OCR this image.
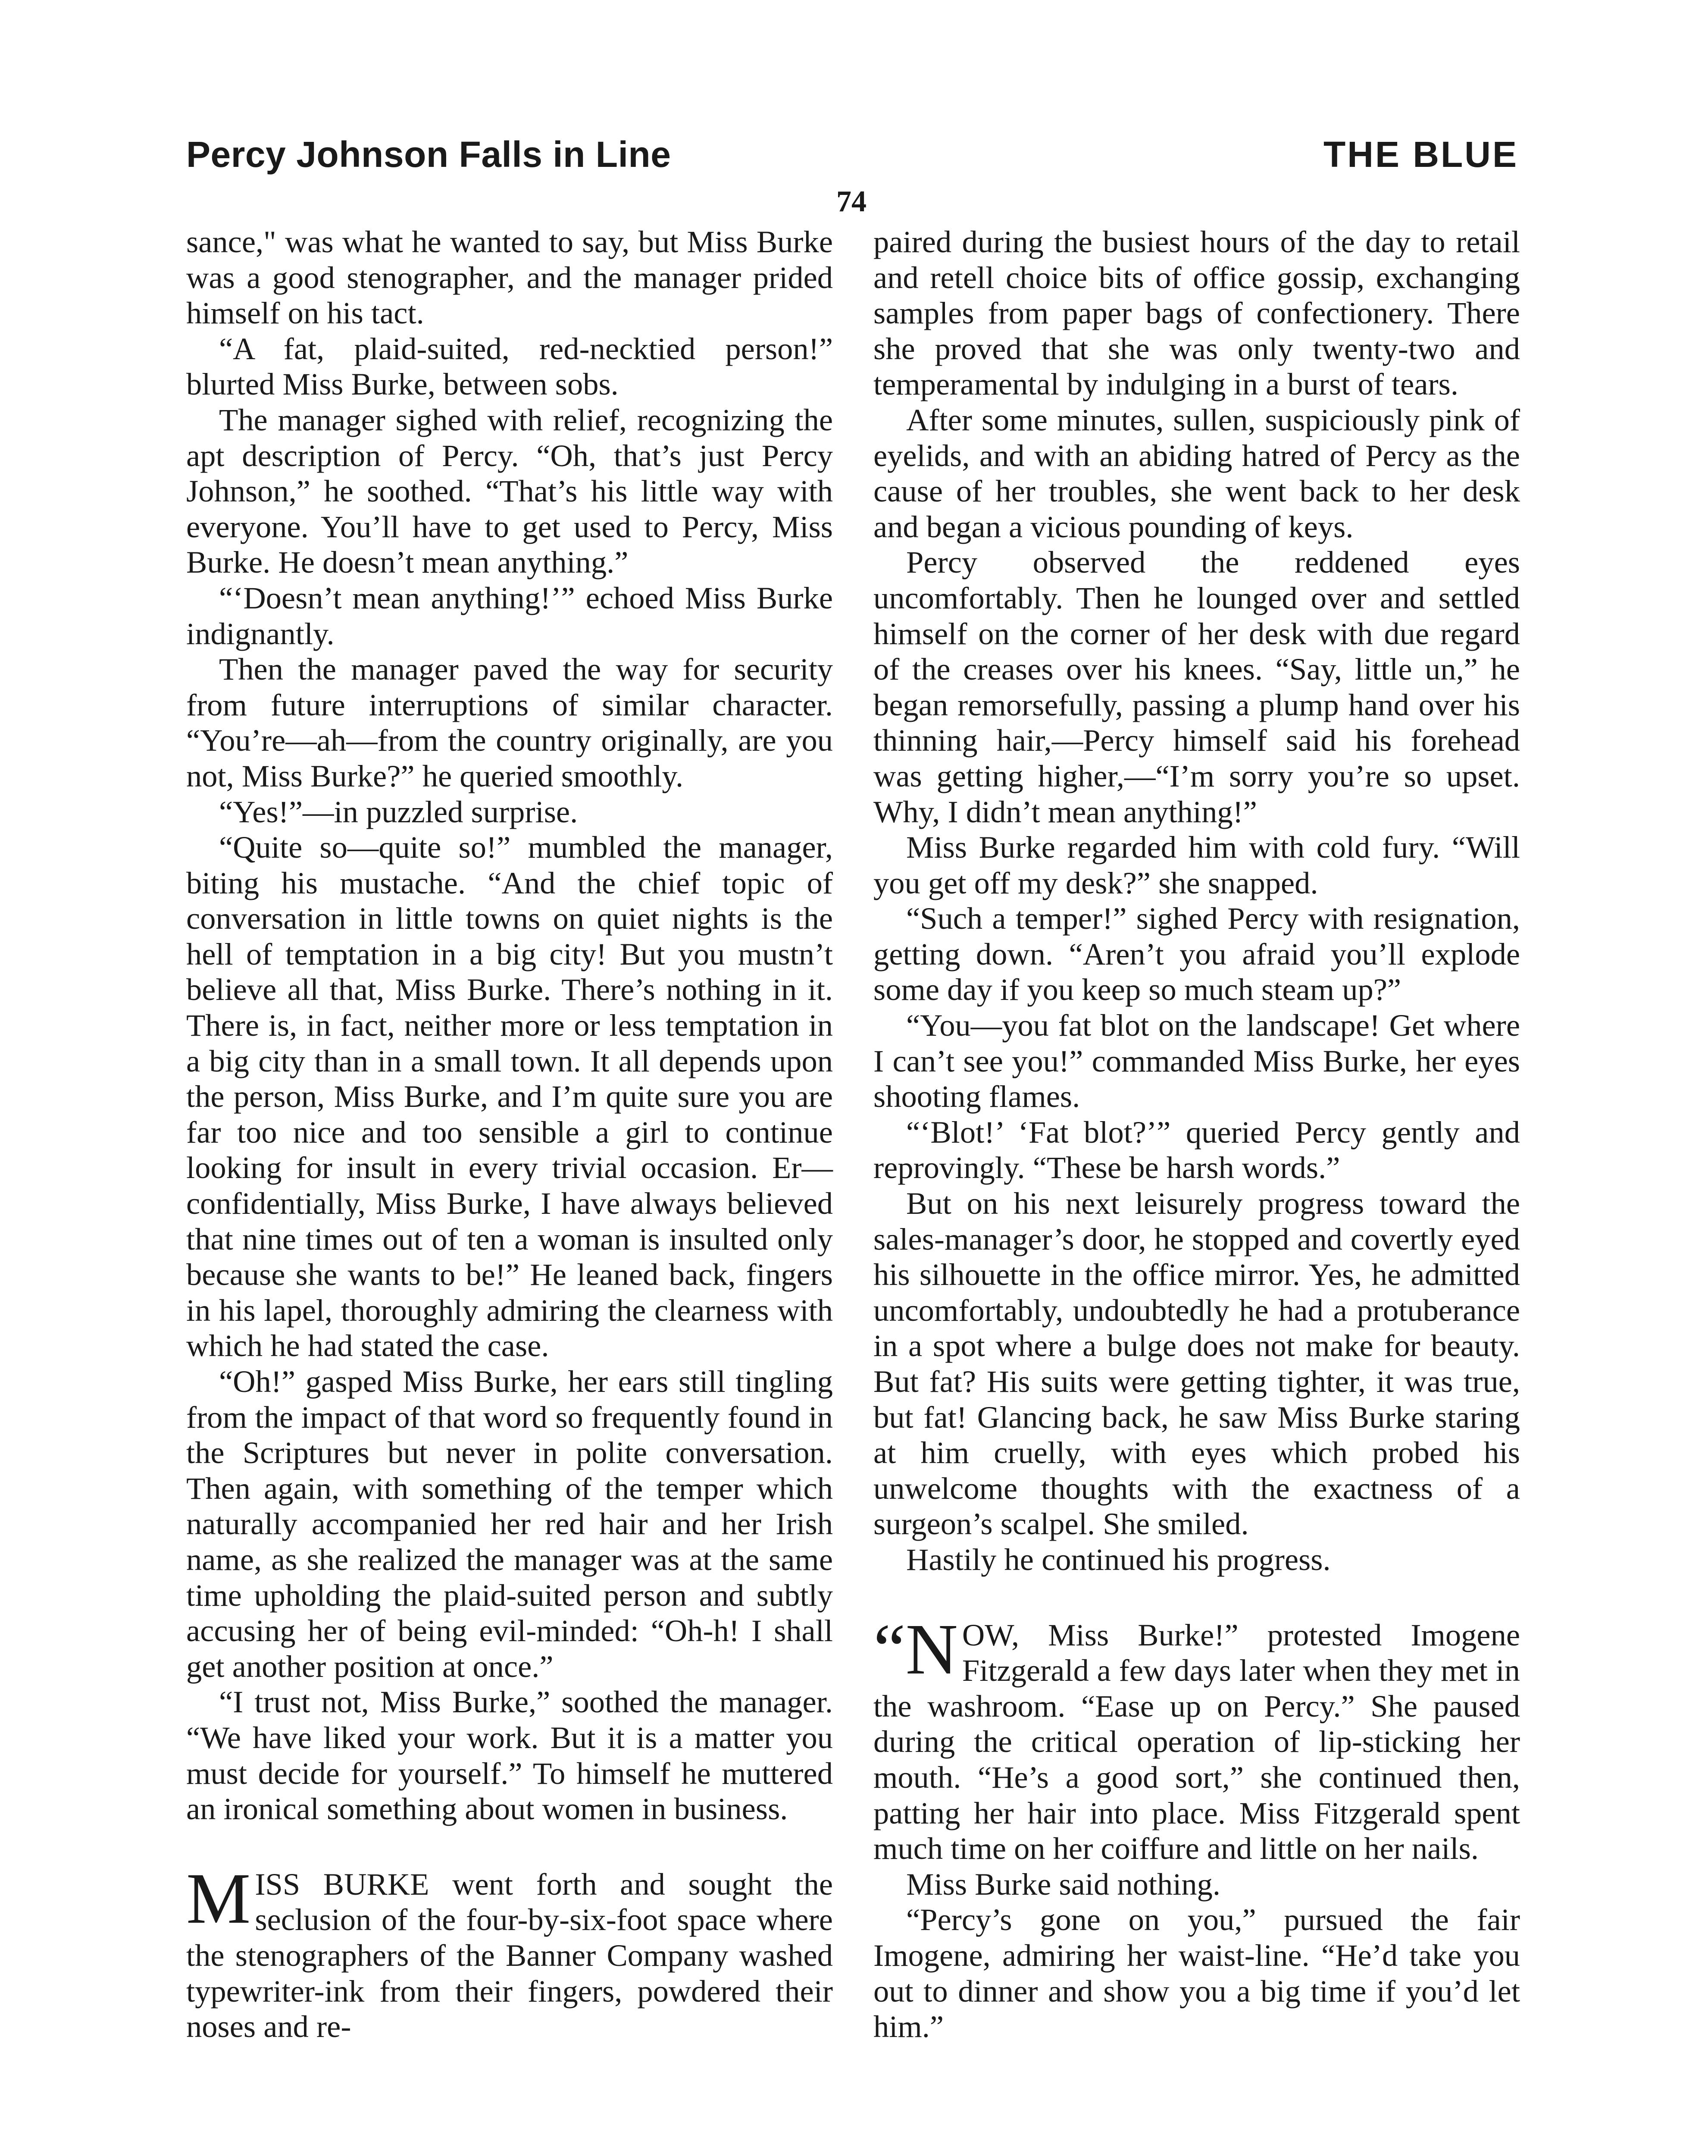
Percy Johnson Falls in Line	THE BLUE
74

sance," was what he wanted to say, but Miss Burke was a good stenographer, and the manager prided himself on his tact.

“A fat, plaid-suited, red-necktied person!” blurted Miss Burke, between sobs.

The manager sighed with relief, recognizing the apt description of Percy. “Oh, that’s just Percy Johnson,” he soothed. “That’s his little way with everyone. You’ll have to get used to Percy, Miss Burke. He doesn’t mean anything.”

“‘Doesn’t mean anything!’” echoed Miss Burke indignantly.

Then the manager paved the way for security from future interruptions of similar character. “You’re—ah—from the country originally, are you not, Miss Burke?” he queried smoothly.

“Yes!”—in puzzled surprise.

“Quite so—quite so!” mumbled the manager, biting his mustache. “And the chief topic of conversation in little towns on quiet nights is the hell of temptation in a big city! But you mustn’t believe all that, Miss Burke. There’s nothing in it. There is, in fact, neither more or less temptation in a big city than in a small town. It all depends upon the person, Miss Burke, and I’m quite sure you are far too nice and too sensible a girl to continue looking for insult in every trivial occasion. Er—confidentially, Miss Burke, I have always believed that nine times out of ten a woman is insulted only because she wants to be!” He leaned back, fingers in his lapel, thoroughly admiring the clearness with which he had stated the case.

“Oh!” gasped Miss Burke, her ears still tingling from the impact of that word so frequently found in the Scriptures but never in polite conversation. Then again, with something of the temper which naturally accompanied her red hair and her Irish name, as she realized the manager was at the same time upholding the plaid-suited person and subtly accusing her of being evil-minded: “Oh-h! I shall get another position at once.”

“I trust not, Miss Burke,” soothed the manager. “We have liked your work. But it is a matter you must decide for yourself.” To himself he muttered an ironical something about women in business.

MISS BURKE went forth and sought the seclusion of the four-by-six-foot space where the stenographers of the Banner Company washed typewriter-ink from their fingers, powdered their noses and re-

paired during the busiest hours of the day to retail and retell choice bits of office gossip, exchanging samples from paper bags of confectionery. There she proved that she was only twenty-two and temperamental by indulging in a burst of tears.

After some minutes, sullen, suspiciously pink of eyelids, and with an abiding hatred of Percy as the cause of her troubles, she went back to her desk and began a vicious pounding of keys.

Percy observed the reddened eyes uncomfortably. Then he lounged over and settled himself on the corner of her desk with due regard of the creases over his knees. “Say, little un,” he began remorsefully, passing a plump hand over his thinning hair,—Percy himself said his forehead was getting higher,—“I’m sorry you’re so upset. Why, I didn’t mean anything!”

Miss Burke regarded him with cold fury. “Will you get off my desk?” she snapped.

“Such a temper!” sighed Percy with resignation, getting down. “Aren’t you afraid you’ll explode some day if you keep so much steam up?”

“You—you fat blot on the landscape! Get where I can’t see you!” commanded Miss Burke, her eyes shooting flames.

“‘Blot!’ ‘Fat blot?’” queried Percy gently and reprovingly. “These be harsh words.”

But on his next leisurely progress toward the sales-manager’s door, he stopped and covertly eyed his silhouette in the office mirror. Yes, he admitted uncomfortably, undoubtedly he had a protuberance in a spot where a bulge does not make for beauty. But fat? His suits were getting tighter, it was true, but fat! Glancing back, he saw Miss Burke staring at him cruelly, with eyes which probed his unwelcome thoughts with the exactness of a surgeon’s scalpel. She smiled.

Hastily he continued his progress.

“N OW, Miss Burke!” protested Imogene Fitzgerald a few days later when they met in the washroom. “Ease up on Percy.” She paused during the critical operation of lip-sticking her mouth. “He’s a good sort,” she continued then, patting her hair into place. Miss Fitzgerald spent much time on her coiffure and little on her nails.

Miss Burke said nothing.

“Percy’s gone on you,” pursued the fair Imogene, admiring her waist-line. “He’d take you out to dinner and show you a big time if you’d let him.”
